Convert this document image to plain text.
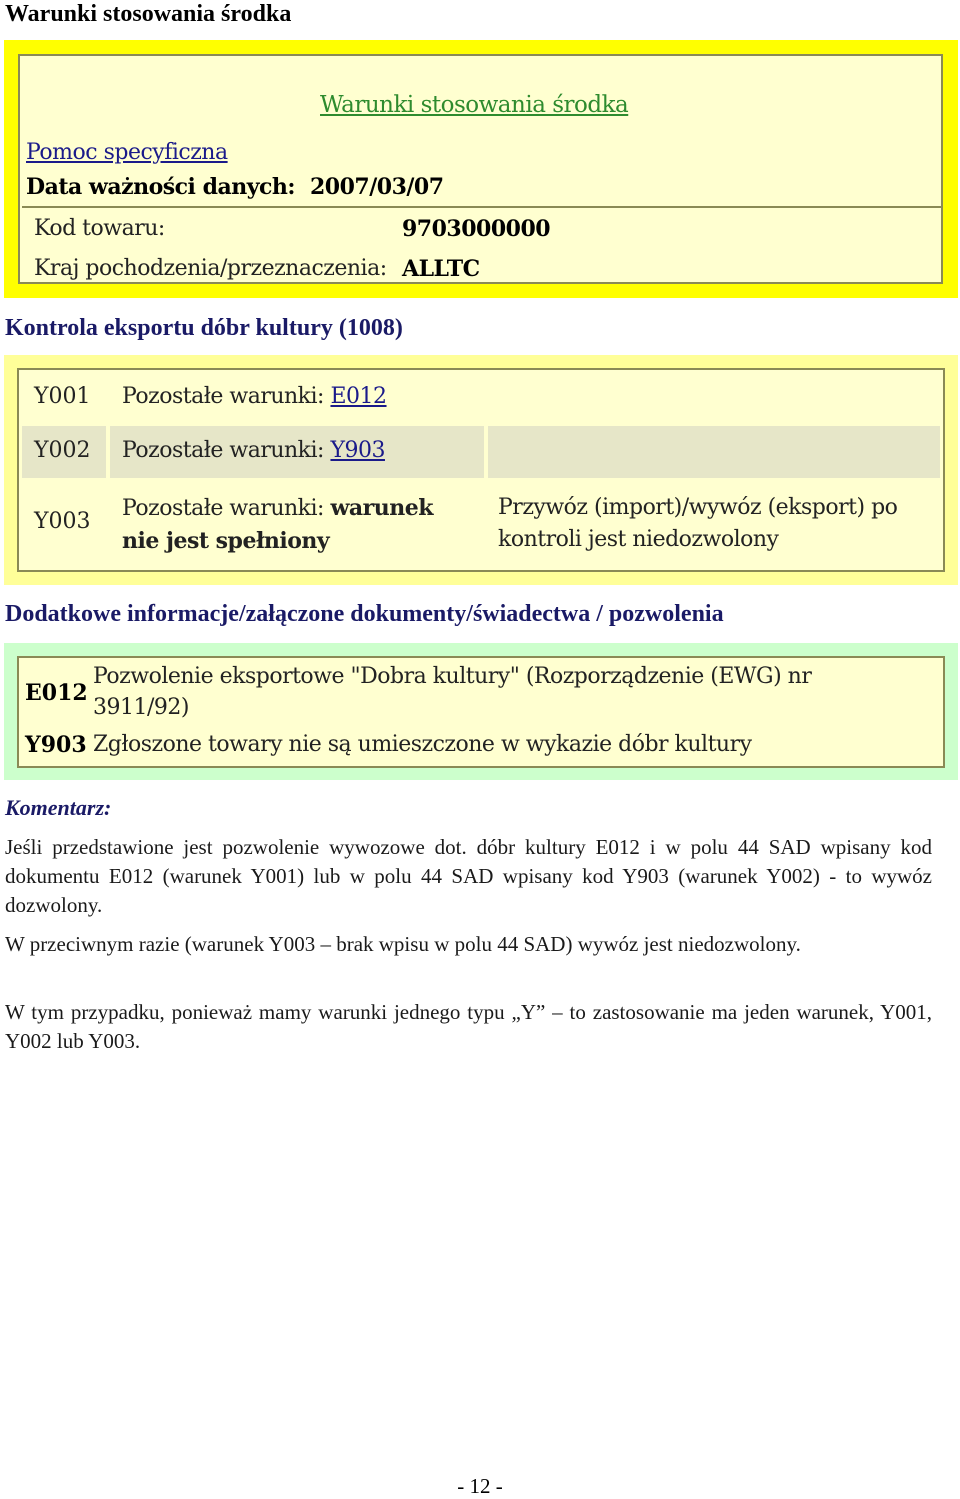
Warunki stosowania środka
Warunki stosowania środka
Pomoc specyficzna
Data ważności danych: 2007/03/07
Kod towaru:	9703000000
Kraj pochodzenia/przeznaczenia: ALLTC
Kontrola eksportu dóbr kultury (1008)
Y001 Pozostałe warunki: E012
Y002 Pozostałe warunki: Y903
Y003
Pozostałe warunki: warunek
nie jest spełniony
Przywóz (import)/wywóz (eksport) po
kontroli jest niedozwolony
Dodatkowe informacje/załączone dokumenty/świadectwa / pozwolenia
E012
Pozwolenie eksportowe "Dobra kultury" (Rozporządzenie (EWG) nr 3911/92)
Y903 Zgłoszone towary nie są umieszczone w wykazie dóbr kultury
Komentarz:
Jeśli przedstawione jest pozwolenie wywozowe dot. dóbr kultury E012 i w polu 44 SAD wpisany kod dokumentu E012 (warunek Y001) lub w polu 44 SAD wpisany kod Y903 (warunek Y002) - to wywóz dozwolony.
W przeciwnym razie (warunek Y003 – brak wpisu w polu 44 SAD) wywóz jest niedozwolony.
W tym przypadku, ponieważ mamy warunki jednego typu „Y” – to zastosowanie ma jeden warunek, Y001, Y002 lub Y003.
- 12 -
